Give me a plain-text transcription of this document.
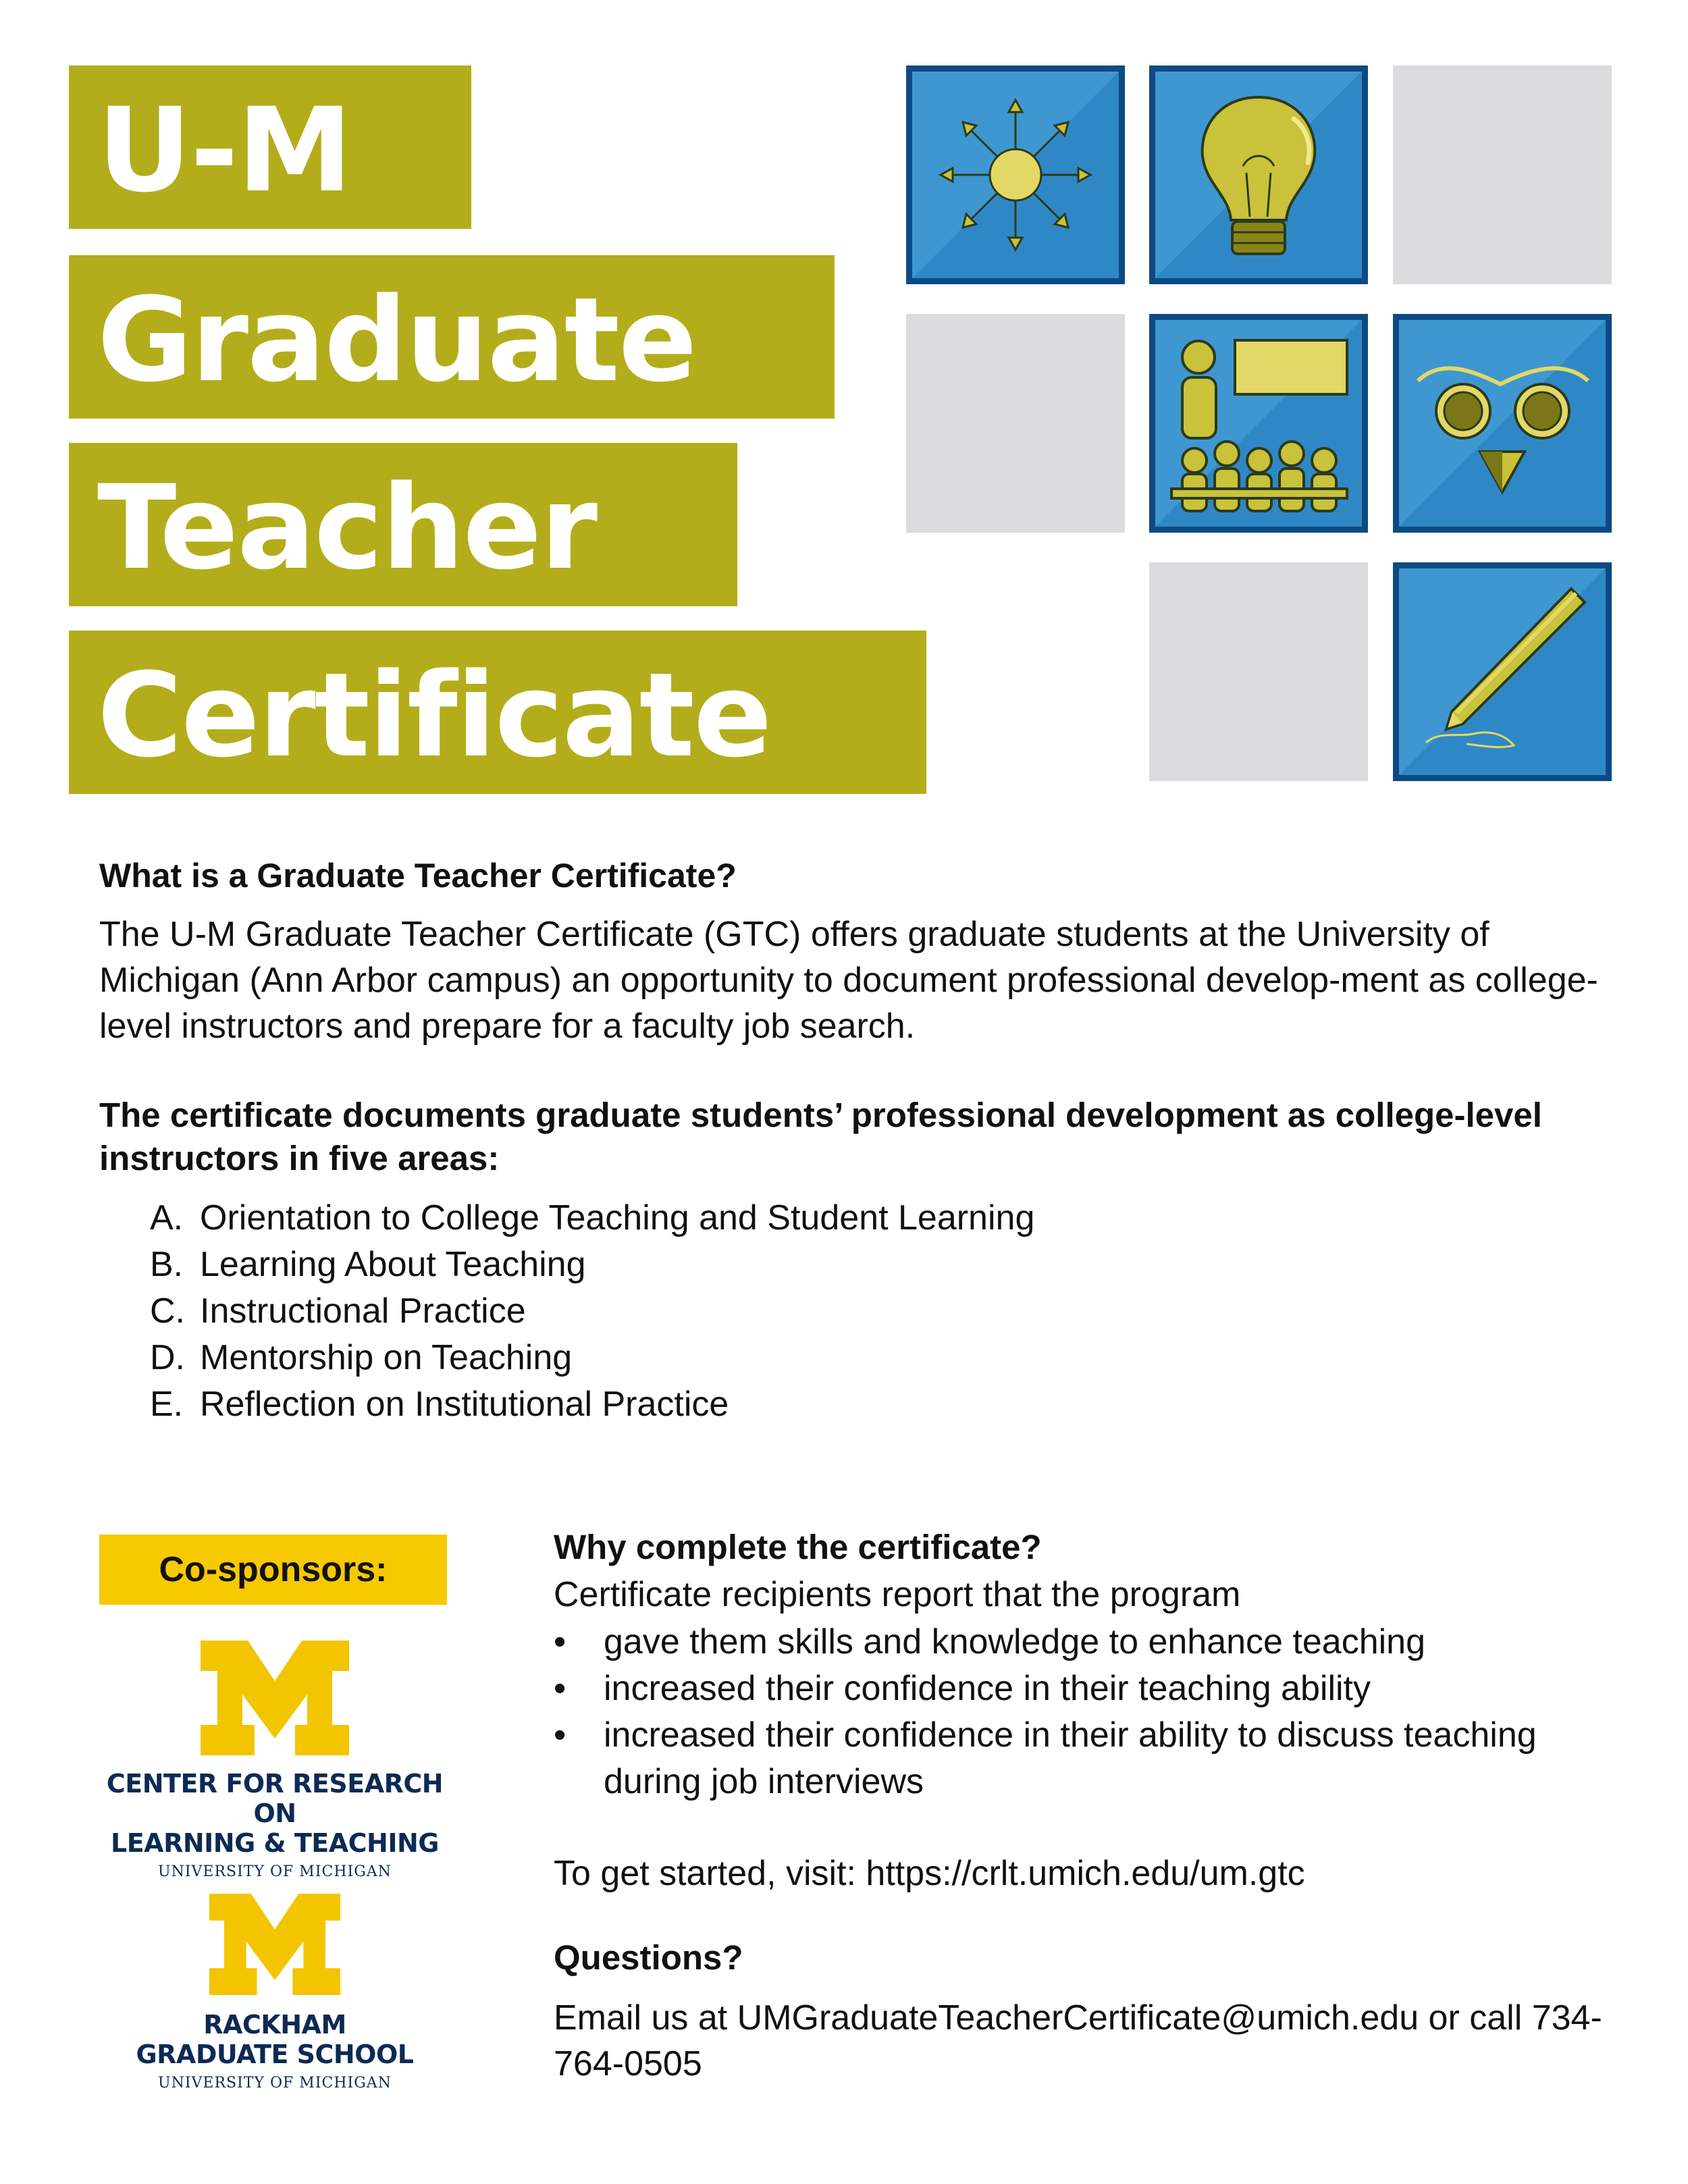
U-M
Graduate
Teacher
Certificate
What is a Graduate Teacher Certificate?
The U-M Graduate Teacher Certificate (GTC) offers graduate students at the University of Michigan (Ann Arbor campus) an opportunity to document professional develop-ment as college-level instructors and prepare for a faculty job search.
The certificate documents graduate students’ professional development as college-level instructors in five areas:
A. Orientation to College Teaching and Student Learning
B. Learning About Teaching
C. Instructional Practice
D. Mentorship on Teaching
E. Reflection on Institutional Practice
Co-sponsors:
CENTER FOR RESEARCH ON
LEARNING & TEACHING
UNIVERSITY OF MICHIGAN
RACKHAM
GRADUATE SCHOOL
UNIVERSITY OF MICHIGAN
Why complete the certificate?
Certificate recipients report that the program
•	gave them skills and knowledge to enhance teaching
•	increased their confidence in their teaching ability
•	increased their confidence in their ability to discuss teaching during job interviews
To get started, visit: https://crlt.umich.edu/um.gtc
Questions?
Email us at UMGraduateTeacherCertificate@umich.edu or call 734-764-0505
